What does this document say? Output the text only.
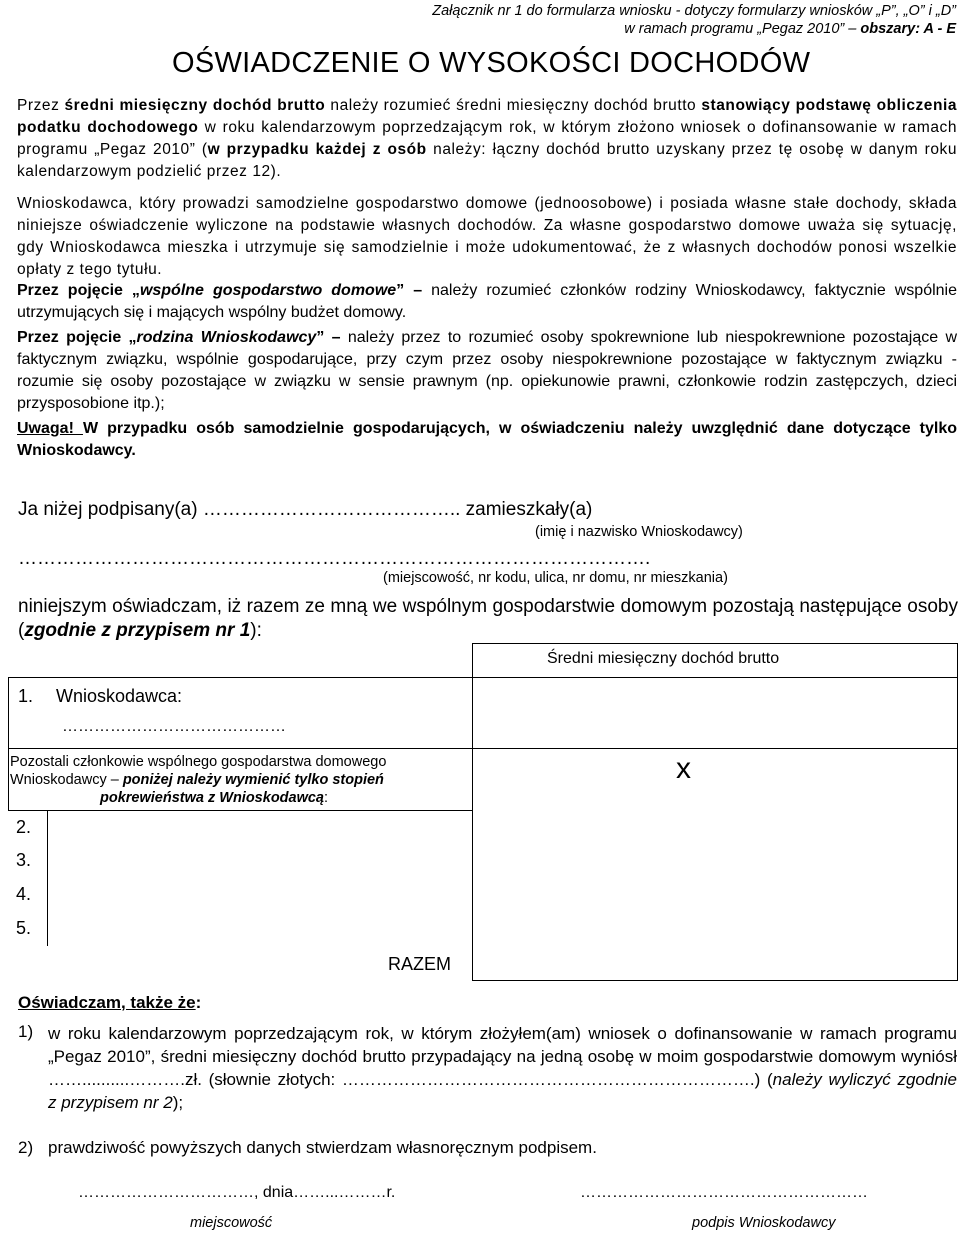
Załącznik nr 1 do formularza wniosku - dotyczy formularzy wniosków „P”, „O” i „D”
w ramach programu „Pegaz 2010” – obszary: A - E
OŚWIADCZENIE O WYSOKOŚCI DOCHODÓW
Przez średni miesięczny dochód brutto należy rozumieć średni miesięczny dochód brutto stanowiący podstawę obliczenia podatku dochodowego w roku kalendarzowym poprzedzającym rok, w którym złożono wniosek o dofinansowanie w ramach programu „Pegaz 2010” (w przypadku każdej z osób należy: łączny dochód brutto uzyskany przez tę osobę w danym roku kalendarzowym podzielić przez 12).
Wnioskodawca, który prowadzi samodzielne gospodarstwo domowe (jednoosobowe) i posiada własne stałe dochody, składa niniejsze oświadczenie wyliczone na podstawie własnych dochodów. Za własne gospodarstwo domowe uważa się sytuację, gdy Wnioskodawca mieszka i utrzymuje się samodzielnie i może udokumentować, że z własnych dochodów ponosi wszelkie opłaty z tego tytułu.
Przez pojęcie „wspólne gospodarstwo domowe” – należy rozumieć członków rodziny Wnioskodawcy, faktycznie wspólnie utrzymujących się i mających wspólny budżet domowy.
Przez pojęcie „rodzina Wnioskodawcy” – należy przez to rozumieć osoby spokrewnione lub niespokrewnione pozostające w faktycznym związku, wspólnie gospodarujące, przy czym przez osoby niespokrewnione pozostające w faktycznym związku - rozumie się osoby pozostające w związku w sensie prawnym (np. opiekunowie prawni, członkowie rodzin zastępczych, dzieci przysposobione itp.);
Uwaga! W przypadku osób samodzielnie gospodarujących, w oświadczeniu należy uwzględnić dane dotyczące tylko Wnioskodawcy.
Ja niżej podpisany(a) ………………………………….. zamieszkały(a)
(imię i nazwisko Wnioskodawcy)
……………………………………………………………………………………….
(miejscowość, nr kodu, ulica, nr domu, nr mieszkania)
niniejszym oświadczam, iż razem ze mną we wspólnym gospodarstwie domowym pozostają następujące osoby (zgodnie z przypisem nr 1):
Średni miesięczny dochód brutto
1. Wnioskodawca:
……………………………………
Pozostali członkowie wspólnego gospodarstwa domowego
Wnioskodawcy – poniżej należy wymienić tylko stopień
pokrewieństwa z Wnioskodawcą:
x
2.
3.
4.
5.
RAZEM
Oświadczam, także że:
1) w roku kalendarzowym poprzedzającym rok, w którym złożyłem(am) wniosek o dofinansowanie w ramach programu „Pegaz 2010”, średni miesięczny dochód brutto przypadający na jedną osobę w moim gospodarstwie domowym wyniósł ……..........……….zł. (słownie złotych: ……………………………………………………………….) (należy wyliczyć zgodnie z przypisem nr 2);
2) prawdziwość powyższych danych stwierdzam własnoręcznym podpisem.
……………………………, dnia……...………r.	………………………………………………
miejscowość	podpis Wnioskodawcy
